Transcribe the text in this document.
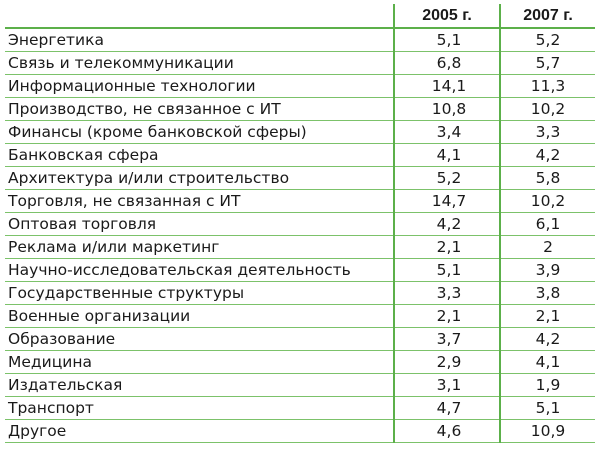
	2005 г.	2007 г.
Энергетика	5,1	5,2
Связь и телекоммуникации	6,8	5,7
Информационные технологии	14,1	11,3
Производство, не связанное с ИТ	10,8	10,2
Финансы (кроме банковской сферы)	3,4	3,3
Банковская сфера	4,1	4,2
Архитектура и/или строительство	5,2	5,8
Торговля, не связанная с ИТ	14,7	10,2
Оптовая торговля	4,2	6,1
Реклама и/или маркетинг	2,1	2
Научно-исследовательская деятельность	5,1	3,9
Государственные структуры	3,3	3,8
Военные организации	2,1	2,1
Образование	3,7	4,2
Медицина	2,9	4,1
Издательская	3,1	1,9
Транспорт	4,7	5,1
Другое	4,6	10,9
